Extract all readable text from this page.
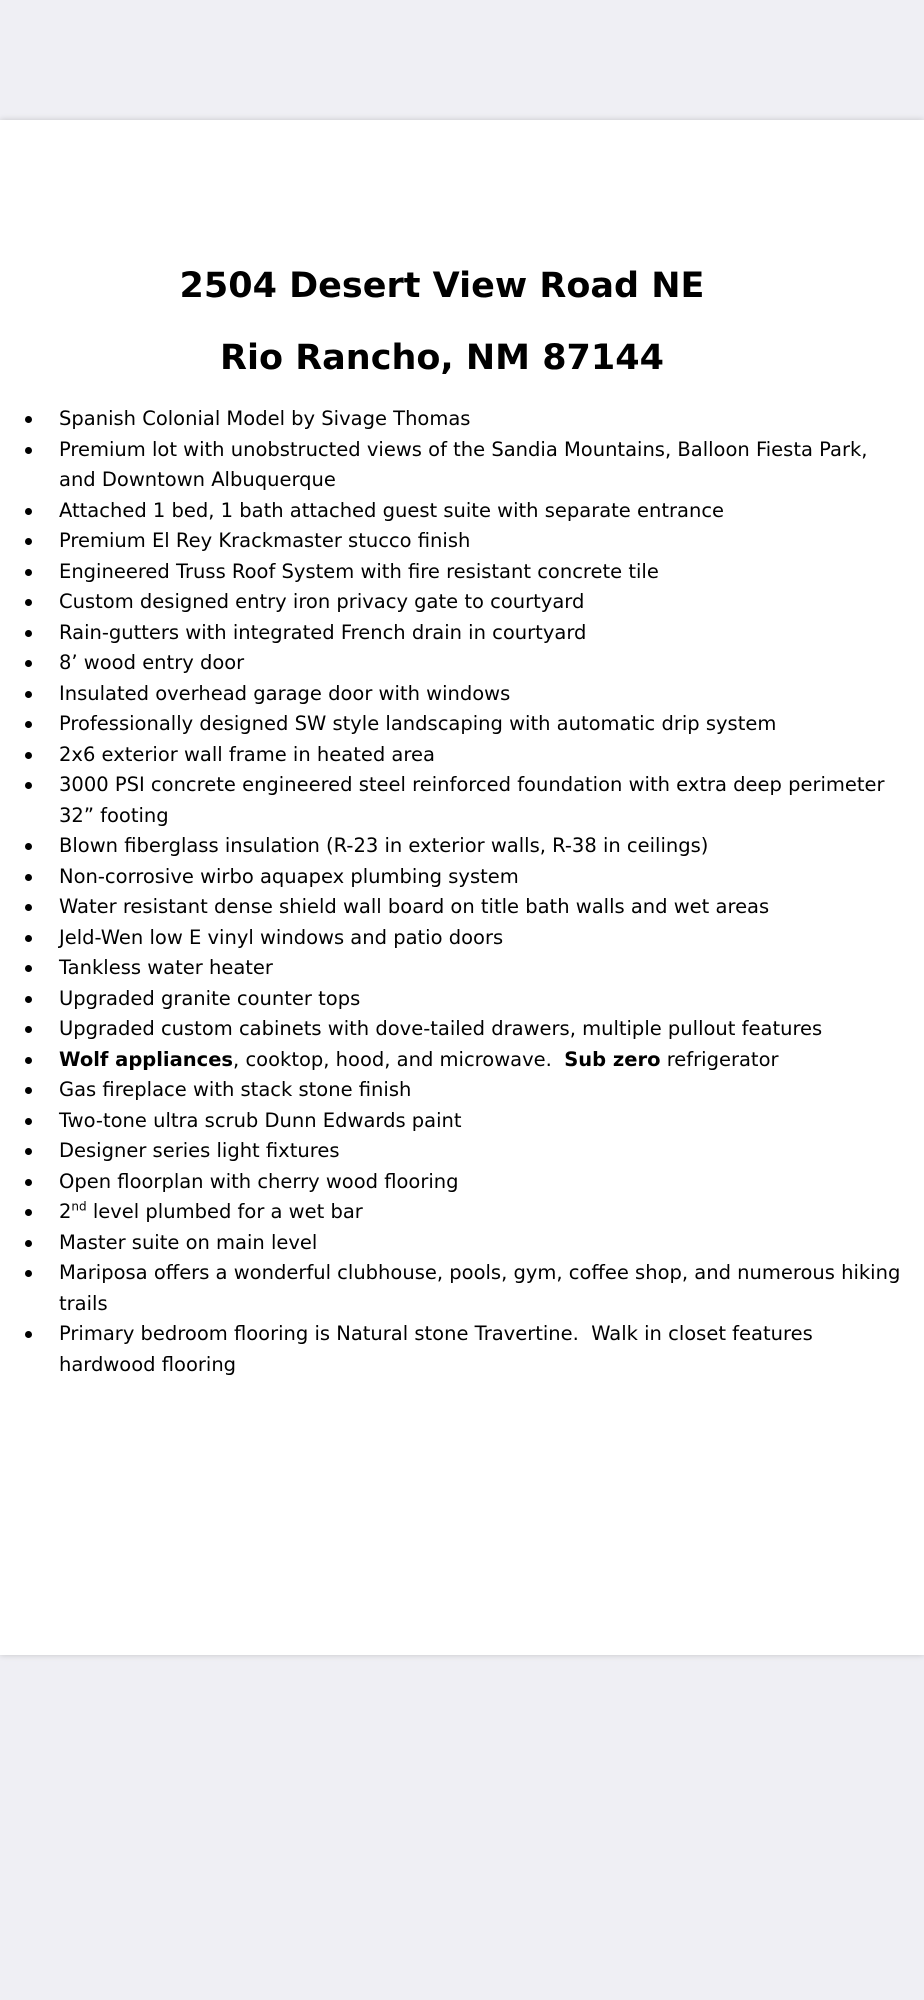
2504 Desert View Road NE
Rio Rancho, NM 87144
Spanish Colonial Model by Sivage Thomas
Premium lot with unobstructed views of the Sandia Mountains, Balloon Fiesta Park, and Downtown Albuquerque
Attached 1 bed, 1 bath attached guest suite with separate entrance
Premium El Rey Krackmaster stucco finish
Engineered Truss Roof System with fire resistant concrete tile
Custom designed entry iron privacy gate to courtyard
Rain-gutters with integrated French drain in courtyard
8’ wood entry door
Insulated overhead garage door with windows
Professionally designed SW style landscaping with automatic drip system
2x6 exterior wall frame in heated area
3000 PSI concrete engineered steel reinforced foundation with extra deep perimeter 32” footing
Blown fiberglass insulation (R-23 in exterior walls, R-38 in ceilings)
Non-corrosive wirbo aquapex plumbing system
Water resistant dense shield wall board on title bath walls and wet areas
Jeld-Wen low E vinyl windows and patio doors
Tankless water heater
Upgraded granite counter tops
Upgraded custom cabinets with dove-tailed drawers, multiple pullout features
Wolf appliances, cooktop, hood, and microwave.  Sub zero refrigerator
Gas fireplace with stack stone finish
Two-tone ultra scrub Dunn Edwards paint
Designer series light fixtures
Open floorplan with cherry wood flooring
2nd level plumbed for a wet bar
Master suite on main level
Mariposa offers a wonderful clubhouse, pools, gym, coffee shop, and numerous hiking trails
Primary bedroom flooring is Natural stone Travertine.  Walk in closet features hardwood flooring
